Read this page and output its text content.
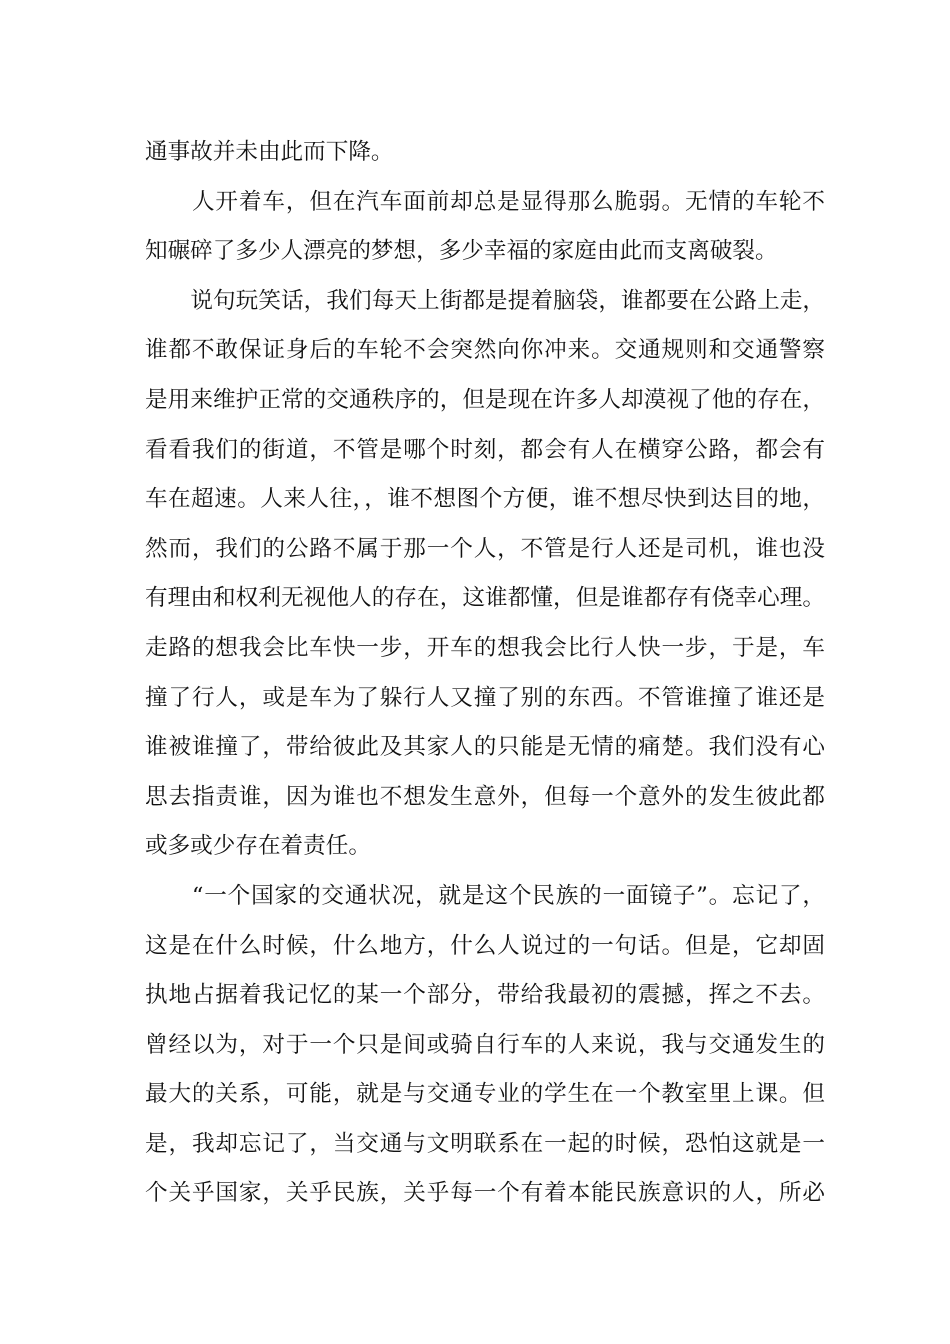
通事故并未由此而下降。
　　人开着车，但在汽车面前却总是显得那么脆弱。无情的车轮不
知碾碎了多少人漂亮的梦想，多少幸福的家庭由此而支离破裂。
　　说句玩笑话，我们每天上街都是提着脑袋，谁都要在公路上走，
谁都不敢保证身后的车轮不会突然向你冲来。交通规则和交通警察
是用来维护正常的交通秩序的，但是现在许多人却漠视了他的存在，
看看我们的街道，不管是哪个时刻，都会有人在横穿公路，都会有
车在超速。人来人往，，谁不想图个方便，谁不想尽快到达目的地，
然而，我们的公路不属于那一个人，不管是行人还是司机，谁也没
有理由和权利无视他人的存在，这谁都懂，但是谁都存有侥幸心理。
走路的想我会比车快一步，开车的想我会比行人快一步，于是，车
撞了行人，或是车为了躲行人又撞了别的东西。不管谁撞了谁还是
谁被谁撞了，带给彼此及其家人的只能是无情的痛楚。我们没有心
思去指责谁，因为谁也不想发生意外，但每一个意外的发生彼此都
或多或少存在着责任。
　　“一个国家的交通状况，就是这个民族的一面镜子”。忘记了，
这是在什么时候，什么地方，什么人说过的一句话。但是，它却固
执地占据着我记忆的某一个部分，带给我最初的震撼，挥之不去。
曾经以为，对于一个只是间或骑自行车的人来说，我与交通发生的
最大的关系，可能，就是与交通专业的学生在一个教室里上课。但
是，我却忘记了，当交通与文明联系在一起的时候，恐怕这就是一
个关乎国家，关乎民族，关乎每一个有着本能民族意识的人，所必
